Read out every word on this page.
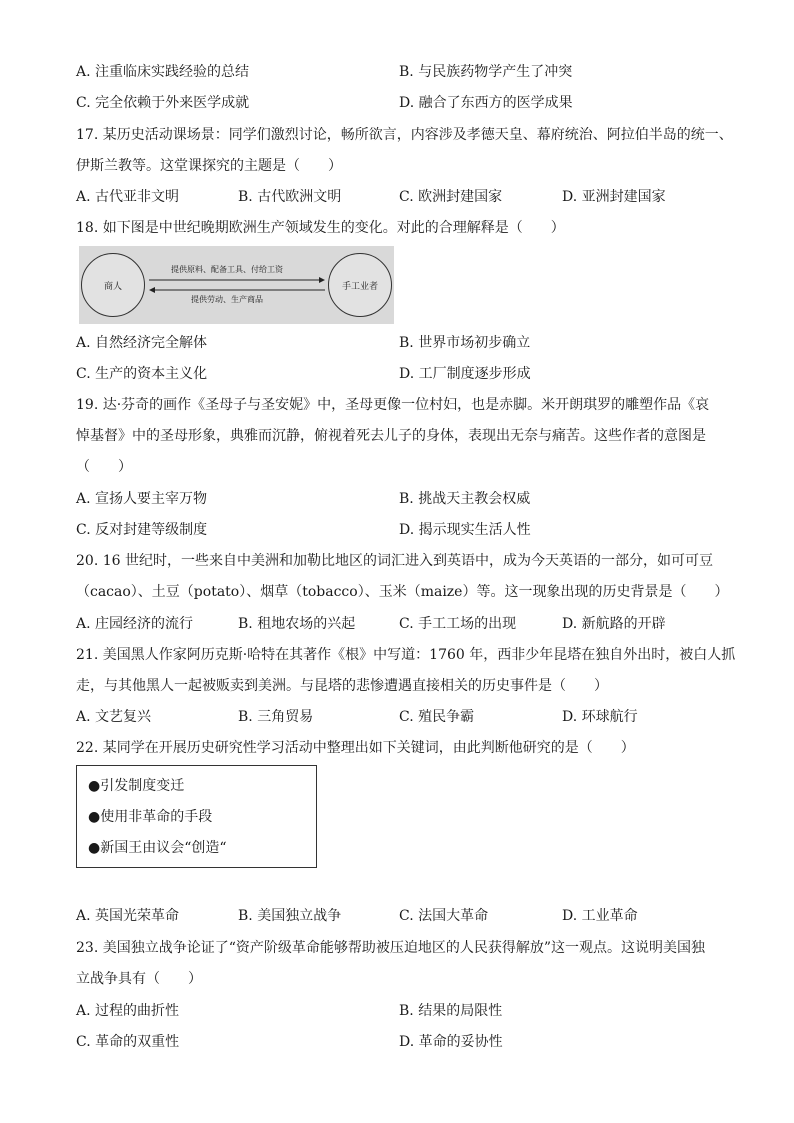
A. 注重临床实践经验的总结	B. 与民族药物学产生了冲突
C. 完全依赖于外来医学成就	D. 融合了东西方的医学成果
17. 某历史活动课场景：同学们激烈讨论，畅所欲言，内容涉及孝德天皇、幕府统治、阿拉伯半岛的统一、
伊斯兰教等。这堂课探究的主题是（　　）
A. 古代亚非文明	B. 古代欧洲文明	C. 欧洲封建国家	D. 亚洲封建国家
18. 如下图是中世纪晚期欧洲生产领域发生的变化。对此的合理解释是（　　）
商人	手工业者
提供原料、配备工具、付给工资
提供劳动、生产商品
A. 自然经济完全解体	B. 世界市场初步确立
C. 生产的资本主义化	D. 工厂制度逐步形成
19. 达·芬奇的画作《圣母子与圣安妮》中，圣母更像一位村妇，也是赤脚。米开朗琪罗的雕塑作品《哀
悼基督》中的圣母形象，典雅而沉静，俯视着死去儿子的身体，表现出无奈与痛苦。这些作者的意图是
（　　）
A. 宣扬人要主宰万物	B. 挑战天主教会权威
C. 反对封建等级制度	D. 揭示现实生活人性
20. 16 世纪时，一些来自中美洲和加勒比地区的词汇进入到英语中，成为今天英语的一部分，如可可豆
（cacao）、土豆（potato）、烟草（tobacco）、玉米（maize）等。这一现象出现的历史背景是（　　）
A. 庄园经济的流行	B. 租地农场的兴起	C. 手工工场的出现	D. 新航路的开辟
21. 美国黑人作家阿历克斯·哈特在其著作《根》中写道：1760 年，西非少年昆塔在独自外出时，被白人抓
走，与其他黑人一起被贩卖到美洲。与昆塔的悲惨遭遇直接相关的历史事件是（　　）
A. 文艺复兴	B. 三角贸易	C. 殖民争霸	D. 环球航行
22. 某同学在开展历史研究性学习活动中整理出如下关键词，由此判断他研究的是（　　）
●引发制度变迁
●使用非革命的手段
●新国王由议会“创造“
A. 英国光荣革命	B. 美国独立战争	C. 法国大革命	D. 工业革命
23. 美国独立战争论证了“资产阶级革命能够帮助被压迫地区的人民获得解放”这一观点。这说明美国独
立战争具有（　　）
A. 过程的曲折性	B. 结果的局限性
C. 革命的双重性	D. 革命的妥协性
